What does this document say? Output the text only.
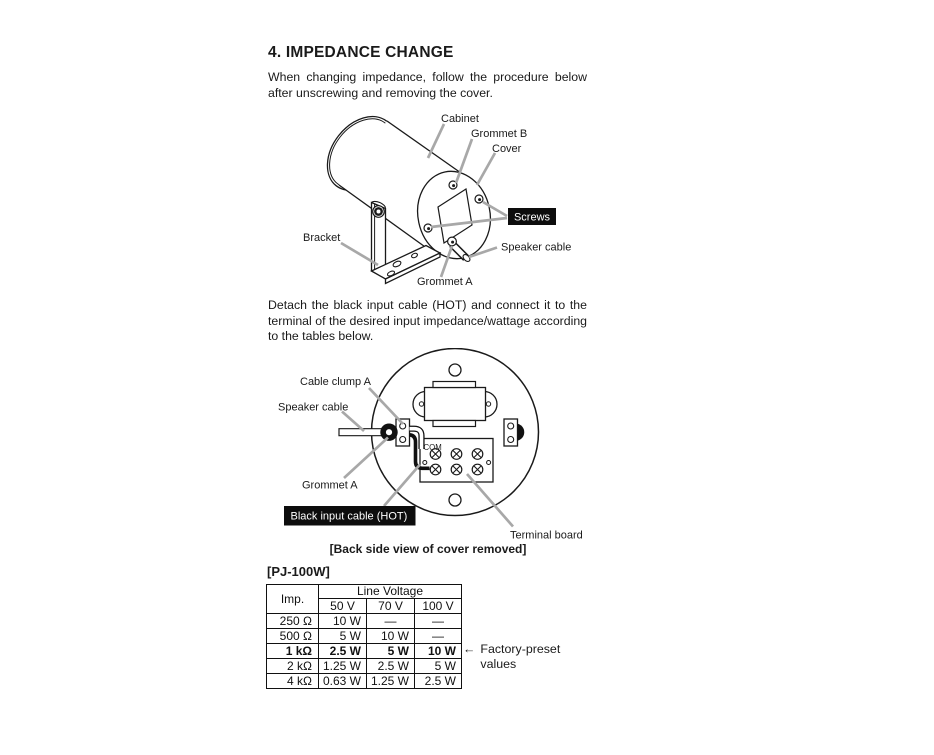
4. IMPEDANCE CHANGE
When changing impedance, follow the procedure below after unscrewing and removing the cover.
Cabinet
Grommet B
Cover
Screws
Bracket
Speaker cable
Grommet A
Detach the black input cable (HOT) and connect it to the terminal of the desired input impedance/wattage according to the tables below.
COM
Cable clump A
Speaker cable
Grommet A
Black input cable (HOT)
Terminal board
[Back side view of cover removed]
[PJ-100W]
Imp.	Line Voltage		
	50 V	70 V	100 V
250 Ω	10 W	—	—
500 Ω	5 W	10 W	—
1 kΩ	2.5 W	5 W	10 W
2 kΩ	1.25 W	2.5 W	5 W
4 kΩ	0.63 W	1.25 W	2.5 W
← Factory-preset
values
